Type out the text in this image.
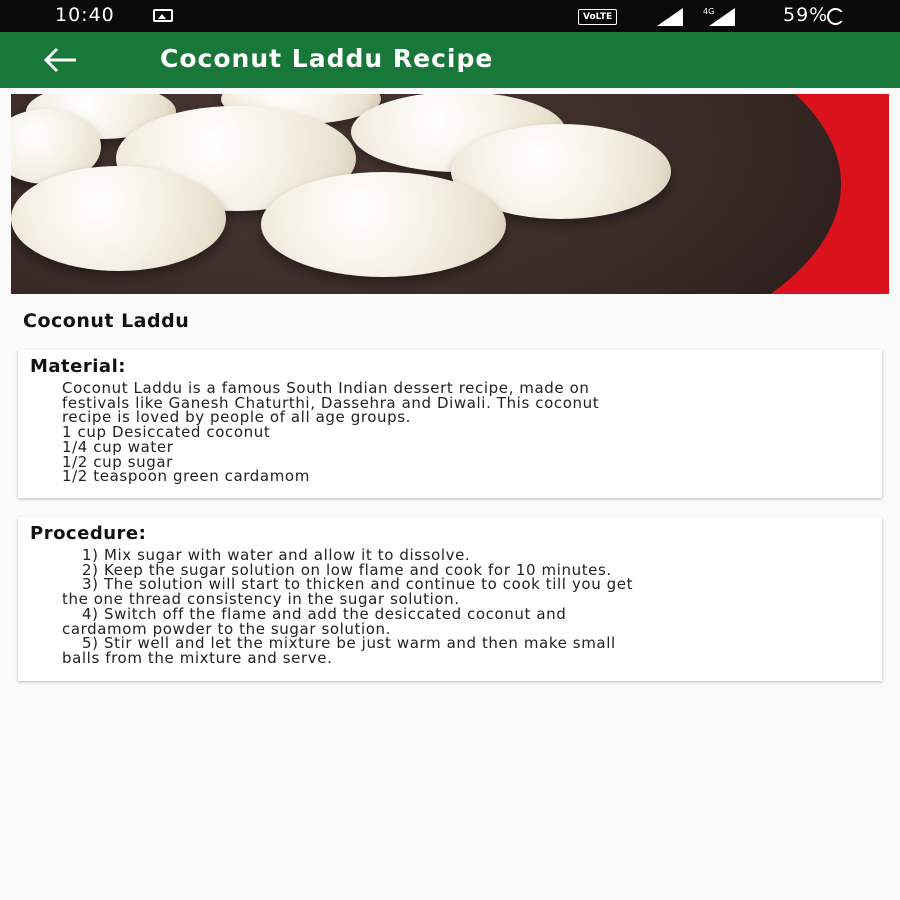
10:40	VoLTE
4G	59%
Coconut Laddu Recipe
Coconut Laddu
Material:
Coconut Laddu is a famous South Indian dessert recipe, made on
festivals like Ganesh Chaturthi, Dassehra and Diwali. This coconut
recipe is loved by people of all age groups.
1 cup Desiccated coconut
1/4 cup water
1/2 cup sugar
1/2 teaspoon green cardamom
Procedure:
1) Mix sugar with water and allow it to dissolve.
2) Keep the sugar solution on low flame and cook for 10 minutes.
3) The solution will start to thicken and continue to cook till you get
the one thread consistency in the sugar solution.
4) Switch off the flame and add the desiccated coconut and
cardamom powder to the sugar solution.
5) Stir well and let the mixture be just warm and then make small
balls from the mixture and serve.
